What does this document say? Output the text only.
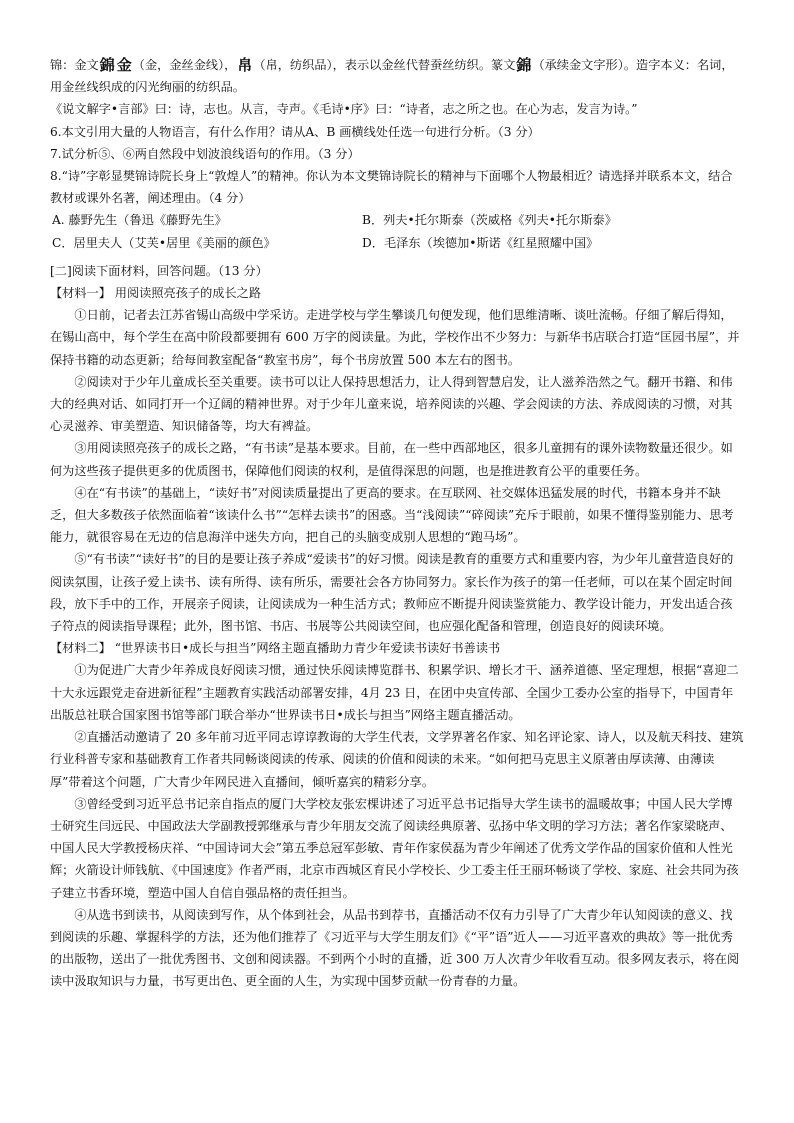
锦：金文錦 金（金，金丝金线），帛（帛，纺织品），表示以金丝代替蚕丝纺织。篆文錦（承续金文字形）。造字本义：名词，用金丝线织成的闪光绚丽的纺织品。

《说文解字•言部》曰：诗，志也。从言，寺声。《毛诗•序》曰：“诗者，志之所之也。在心为志，发言为诗。”

6.本文引用大量的人物语言，有什么作用？请从A、B 画横线处任选一句进行分析。（3 分）

7.试分析⑤、⑥两自然段中划波浪线语句的作用。（3 分）

8.“诗”字彰显樊锦诗院长身上“敦煌人”的精神。你认为本文樊锦诗院长的精神与下面哪个人物最相近？请选择并联系本文，结合教材或课外名著，阐述理由。（4 分）

A. 藤野先生（鲁迅《藤野先生》	B．列夫•托尔斯泰（茨威格《列夫•托尔斯泰》
C．居里夫人（艾芙•居里《美丽的颜色》	D．毛泽东（埃德加•斯诺《红星照耀中国》

[二]阅读下面材料，回答问题。（13 分）

【材料一】 用阅读照亮孩子的成长之路

①日前，记者去江苏省锡山高级中学采访。走进学校与学生攀谈几句便发现，他们思维清晰、谈吐流畅。仔细了解后得知，在锡山高中，每个学生在高中阶段都要拥有 600 万字的阅读量。为此，学校作出不少努力：与新华书店联合打造“匡园书屋”，并保持书籍的动态更新；给每间教室配备“教室书房”，每个书房放置 500 本左右的图书。

②阅读对于少年儿童成长至关重要。读书可以让人保持思想活力，让人得到智慧启发，让人滋养浩然之气。翻开书籍、和伟大的经典对话、如同打开一个辽阔的精神世界。对于少年儿童来说，培养阅读的兴趣、学会阅读的方法、养成阅读的习惯，对其心灵滋养、审美塑造、知识储备等，均大有裨益。

③用阅读照亮孩子的成长之路，“有书读”是基本要求。目前，在一些中西部地区，很多儿童拥有的课外读物数量还很少。如何为这些孩子提供更多的优质图书，保障他们阅读的权利，是值得深思的问题，也是推进教育公平的重要任务。

④在“有书读”的基础上，“读好书”对阅读质量提出了更高的要求。在互联网、社交媒体迅猛发展的时代，书籍本身并不缺乏，但大多数孩子依然面临着“该读什么书”“怎样去读书”的困惑。当“浅阅读”“碎阅读”充斥于眼前，如果不懂得鉴别能力、思考能力，就很容易在无边的信息海洋中迷失方向，把自己的头脑变成别人思想的“跑马场”。

⑤“有书读”“读好书”的目的是要让孩子养成“爱读书”的好习惯。阅读是教育的重要方式和重要内容，为少年儿童营造良好的阅读氛围，让孩子爱上读书、读有所得、读有所乐，需要社会各方协同努力。家长作为孩子的第一任老师，可以在某个固定时间段，放下手中的工作，开展亲子阅读，让阅读成为一种生活方式；教师应不断提升阅读鉴赏能力、教学设计能力，开发出适合孩子符点的阅读指导课程；此外，图书馆、书店、书展等公共阅读空间，也应强化配备和管理，创造良好的阅读环境。

【材料二】 “世界读书日•成长与担当”网络主题直播助力青少年爱读书读好书善读书

①为促进广大青少年养成良好阅读习惯，通过快乐阅读博览群书、积累学识、增长才干、涵养道德、坚定理想，根据“喜迎二十大永远跟党走奋进新征程”主题教育实践活动部署安排，4月 23 日，在团中央宣传部、全国少工委办公室的指导下，中国青年出版总社联合国家图书馆等部门联合举办“世界读书日•成长与担当”网络主题直播活动。

②直播活动邀请了 20 多年前习近平同志谆谆教诲的大学生代表，文学界著名作家、知名评论家、诗人，以及航天科技、建筑行业科普专家和基础教育工作者共同畅谈阅读的传承、阅读的价值和阅读的未来。“如何把马克思主义原著由厚读薄、由薄读厚”带着这个问题，广大青少年网民进入直播间，倾听嘉宾的精彩分享。

③曾经受到习近平总书记亲自指点的厦门大学校友张宏棵讲述了习近平总书记指导大学生读书的温暖故事；中国人民大学博士研究生闫远民、中国政法大学副教授郭继承与青少年朋友交流了阅读经典原著、弘扬中华文明的学习方法；著名作家梁晓声、中国人民大学教授杨庆祥、“中国诗词大会”第五季总冠军彭敏、青年作家侯磊为青少年阐述了优秀文学作品的国家价值和人性光辉；火箭设计师钱航、《中国速度》作者严雨，北京市西城区育民小学校长、少工委主任王丽环畅谈了学校、家庭、社会共同为孩子建立书香环境，塑造中国人自信自强品格的责任担当。

④从选书到读书，从阅读到写作，从个体到社会，从品书到荐书，直播活动不仅有力引导了广大青少年认知阅读的意义、找到阅读的乐趣、掌握科学的方法，还为他们推荐了《习近平与大学生朋友们》《“平”语”近人——习近平喜欢的典故》等一批优秀的出版物，送出了一批优秀图书、文创和阅读器。不到两个小时的直播，近 300 万人次青少年收看互动。很多网友表示，将在阅读中汲取知识与力量，书写更出色、更全面的人生，为实现中国梦贡献一份青春的力量。
